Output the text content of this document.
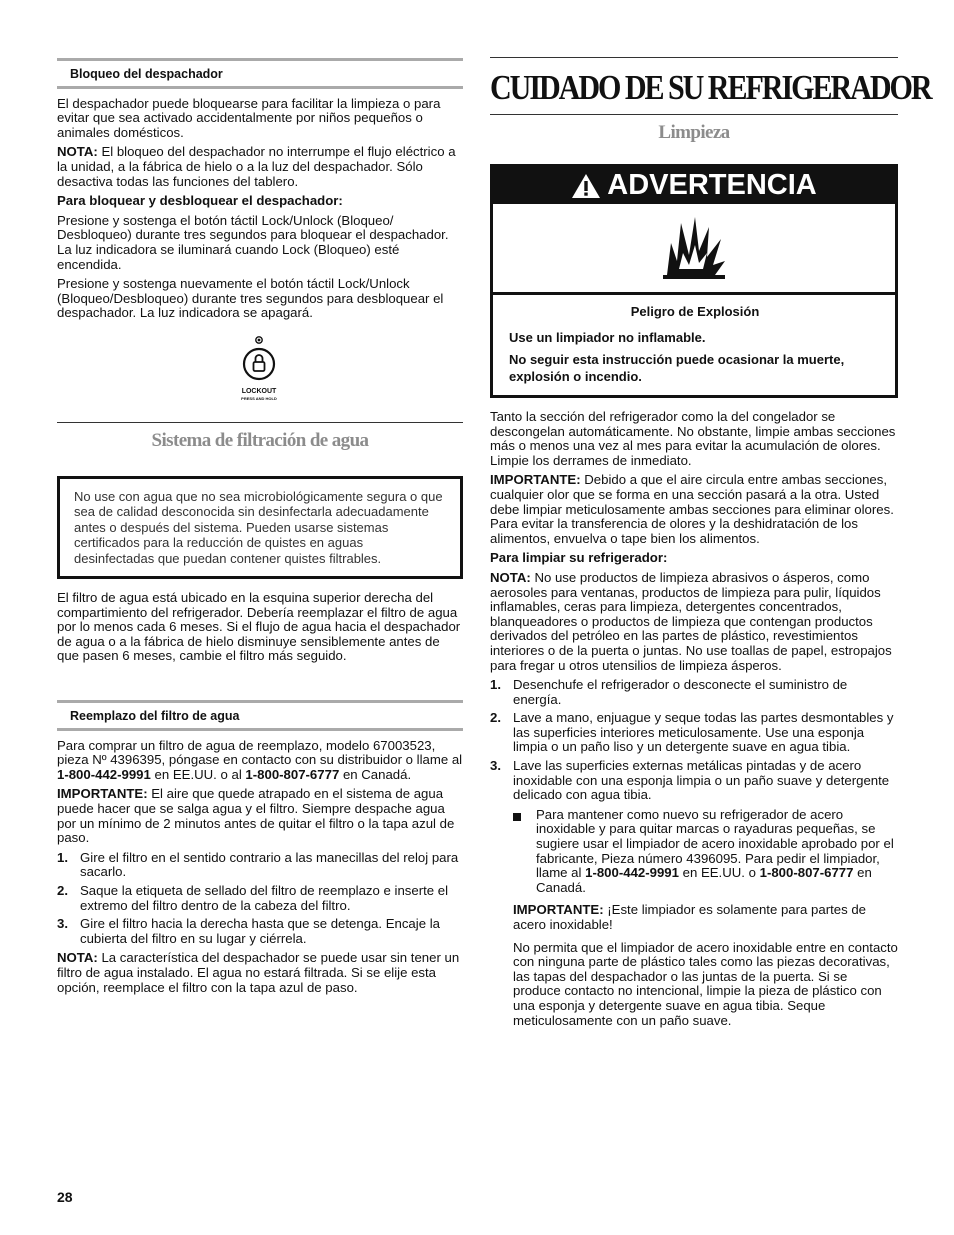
Bloqueo del despachador

El despachador puede bloquearse para facilitar la limpieza o para evitar que sea activado accidentalmente por niños pequeños o animales domésticos.

NOTA: El bloqueo del despachador no interrumpe el flujo eléctrico a la unidad, a la fábrica de hielo o a la luz del despachador. Sólo desactiva todas las funciones del tablero.

Para bloquear y desbloquear el despachador:

Presione y sostenga el botón táctil Lock/Unlock (Bloqueo/ Desbloqueo) durante tres segundos para bloquear el despachador. La luz indicadora se iluminará cuando Lock (Bloqueo) esté encendida.

Presione y sostenga nuevamente el botón táctil Lock/Unlock (Bloqueo/Desbloqueo) durante tres segundos para desbloquear el despachador. La luz indicadora se apagará.

LOCKOUT
PRESS AND HOLD
Sistema de filtración de agua
No use con agua que no sea microbiológicamente segura o que sea de calidad desconocida sin desinfectarla adecuadamente antes o después del sistema. Pueden usarse sistemas certificados para la reducción de quistes en aguas desinfectadas que puedan contener quistes filtrables.

El filtro de agua está ubicado en la esquina superior derecha del compartimiento del refrigerador. Debería reemplazar el filtro de agua por lo menos cada 6 meses. Si el flujo de agua hacia el despachador de agua o a la fábrica de hielo disminuye sensiblemente antes de que pasen 6 meses, cambie el filtro más seguido.

Reemplazo del filtro de agua

Para comprar un filtro de agua de reemplazo, modelo 67003523, pieza Nº 4396395, póngase en contacto con su distribuidor o llame al 1-800-442-9991 en EE.UU. o al 1-800-807-6777 en Canadá.

IMPORTANTE: El aire que quede atrapado en el sistema de agua puede hacer que se salga agua y el filtro. Siempre despache agua por un mínimo de 2 minutos antes de quitar el filtro o la tapa azul de paso.

1. Gire el filtro en el sentido contrario a las manecillas del reloj para sacarlo.
2. Saque la etiqueta de sellado del filtro de reemplazo e inserte el extremo del filtro dentro de la cabeza del filtro.
3. Gire el filtro hacia la derecha hasta que se detenga. Encaje la cubierta del filtro en su lugar y ciérrela.

NOTA: La característica del despachador se puede usar sin tener un filtro de agua instalado. El agua no estará filtrada. Si se elije esta opción, reemplace el filtro con la tapa azul de paso.

28
CUIDADO DE SU REFRIGERADOR
Limpieza
ADVERTENCIA
Peligro de Explosión
Use un limpiador no inflamable.
No seguir esta instrucción puede ocasionar la muerte, explosión o incendio.

Tanto la sección del refrigerador como la del congelador se descongelan automáticamente. No obstante, limpie ambas secciones más o menos una vez al mes para evitar la acumulación de olores. Limpie los derrames de inmediato.

IMPORTANTE: Debido a que el aire circula entre ambas secciones, cualquier olor que se forma en una sección pasará a la otra. Usted debe limpiar meticulosamente ambas secciones para eliminar olores. Para evitar la transferencia de olores y la deshidratación de los alimentos, envuelva o tape bien los alimentos.

Para limpiar su refrigerador:

NOTA: No use productos de limpieza abrasivos o ásperos, como aerosoles para ventanas, productos de limpieza para pulir, líquidos inflamables, ceras para limpieza, detergentes concentrados, blanqueadores o productos de limpieza que contengan productos derivados del petróleo en las partes de plástico, revestimientos interiores o de la puerta o juntas. No use toallas de papel, estropajos para fregar u otros utensilios de limpieza ásperos.

1. Desenchufe el refrigerador o desconecte el suministro de energía.
2. Lave a mano, enjuague y seque todas las partes desmontables y las superficies interiores meticulosamente. Use una esponja limpia o un paño liso y un detergente suave en agua tibia.
3. Lave las superficies externas metálicas pintadas y de acero inoxidable con una esponja limpia o un paño suave y detergente delicado con agua tibia.
Para mantener como nuevo su refrigerador de acero inoxidable y para quitar marcas o rayaduras pequeñas, se sugiere usar el limpiador de acero inoxidable aprobado por el fabricante, Pieza número 4396095. Para pedir el limpiador, llame al 1-800-442-9991 en EE.UU. o 1-800-807-6777 en Canadá.

IMPORTANTE: ¡Este limpiador es solamente para partes de acero inoxidable!

No permita que el limpiador de acero inoxidable entre en contacto con ninguna parte de plástico tales como las piezas decorativas, las tapas del despachador o las juntas de la puerta. Si se produce contacto no intencional, limpie la pieza de plástico con una esponja y detergente suave en agua tibia. Seque meticulosamente con un paño suave.
